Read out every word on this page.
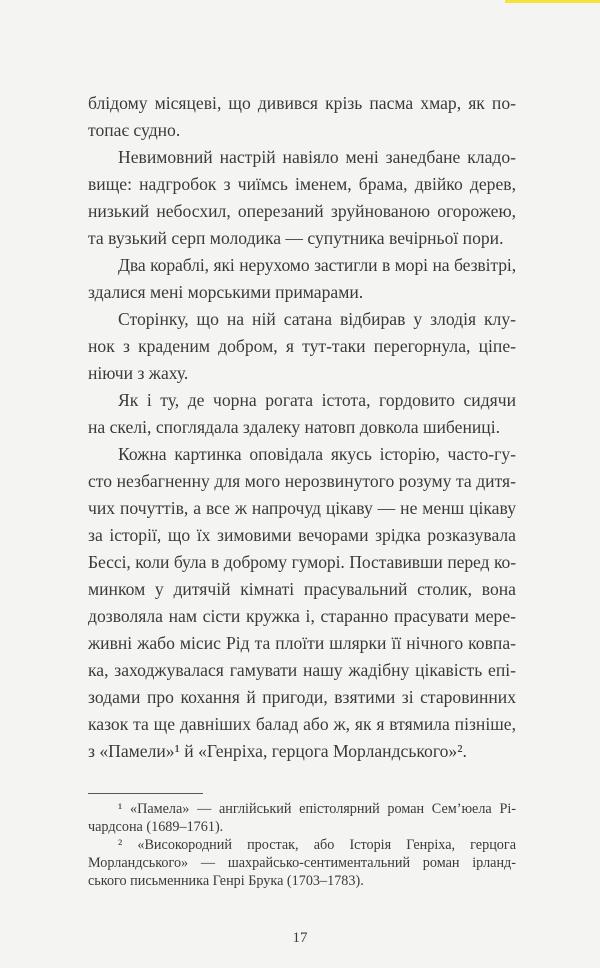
блідому місяцеві, що дивився крізь пасма хмар, як по-
топає судно.
Невимовний настрій навіяло мені занедбане кладо-
вище: надгробок з чиїмсь іменем, брама, двійко дерев,
низький небосхил, оперезаний зруйнованою огорожею,
та вузький серп молодика — супутника вечірньої пори.
Два кораблі, які нерухомо застигли в морі на безвітрі,
здалися мені морськими примарами.
Сторінку, що на ній сатана відбирав у злодія клу-
нок з краденим добром, я тут-таки перегорнула, ціпе-
ніючи з жаху.
Як і ту, де чорна рогата істота, гордовито сидячи
на скелі, споглядала здалеку натовп довкола шибениці.
Кожна картинка оповідала якусь історію, часто-гу-
сто незбагненну для мого нерозвинутого розуму та дитя-
чих почуттів, а все ж напрочуд цікаву — не менш цікаву
за історії, що їх зимовими вечорами зрідка розказувала
Бессі, коли була в доброму гуморі. Поставивши перед ко-
минком у дитячій кімнаті прасувальний столик, вона
дозволяла нам сісти кружка і, старанно прасувати мере-
живні жабо місис Рід та плоїти шлярки її нічного ковпа-
ка, заходжувалася гамувати нашу жадібну цікавість епі-
зодами про кохання й пригоди, взятими зі старовинних
казок та ще давніших балад або ж, як я втямила пізніше,
з «Памели»¹ й «Генріха, герцога Морландського»².
¹ «Памела» — англійський епістолярний роман Сем’юела Рі-
чардсона (1689–1761).
² «Високородний простак, або Історія Генріха, герцога
Морландського» — шахрайсько-сентиментальний роман ірланд-
ського письменника Генрі Брука (1703–1783).
17
